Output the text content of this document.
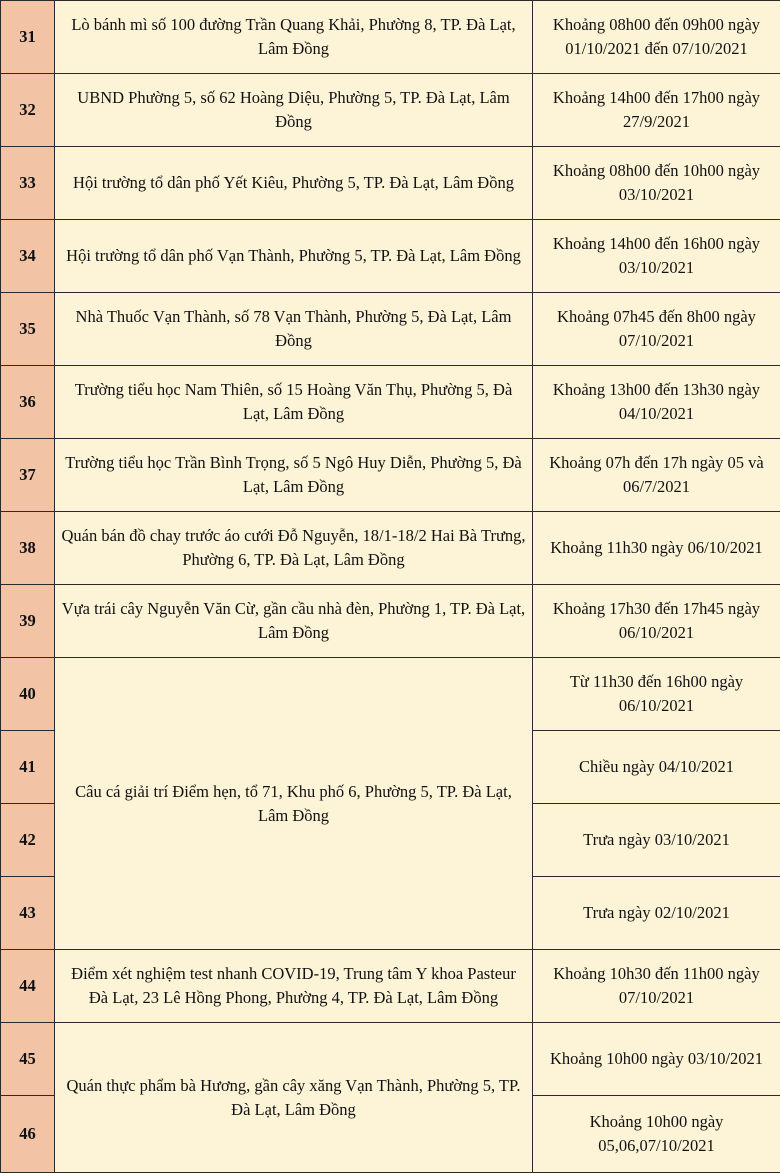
31	Lò bánh mì số 100 đường Trần Quang Khải, Phường 8, TP. Đà Lạt, Lâm Đồng	Khoảng 08h00 đến 09h00 ngày 01/10/2021 đến 07/10/2021
32	UBND Phường 5, số 62 Hoàng Diệu, Phường 5, TP. Đà Lạt, Lâm Đồng	Khoảng 14h00 đến 17h00 ngày 27/9/2021
33	Hội trường tổ dân phố Yết Kiêu, Phường 5, TP. Đà Lạt, Lâm Đồng	Khoảng 08h00 đến 10h00 ngày 03/10/2021
34	Hội trường tổ dân phố Vạn Thành, Phường 5, TP. Đà Lạt, Lâm Đồng	Khoảng 14h00 đến 16h00 ngày 03/10/2021
35	Nhà Thuốc Vạn Thành, số 78 Vạn Thành, Phường 5, Đà Lạt, Lâm Đồng	Khoảng 07h45 đến 8h00 ngày 07/10/2021
36	Trường tiểu học Nam Thiên, số 15 Hoàng Văn Thụ, Phường 5, Đà Lạt, Lâm Đồng	Khoảng 13h00 đến 13h30 ngày 04/10/2021
37	Trường tiểu học Trần Bình Trọng, số 5 Ngô Huy Diễn, Phường 5, Đà Lạt, Lâm Đồng	Khoảng 07h đến 17h ngày 05 và 06/7/2021
38	Quán bán đồ chay trước áo cưới Đỗ Nguyễn, 18/1-18/2 Hai Bà Trưng, Phường 6, TP. Đà Lạt, Lâm Đồng	Khoảng 11h30 ngày 06/10/2021
39	Vựa trái cây Nguyễn Văn Cừ, gần cầu nhà đèn, Phường 1, TP. Đà Lạt, Lâm Đồng	Khoảng 17h30 đến 17h45 ngày 06/10/2021
40	Câu cá giải trí Điểm hẹn, tổ 71, Khu phố 6, Phường 5, TP. Đà Lạt, Lâm Đồng	Từ 11h30 đến 16h00 ngày 06/10/2021
41		Chiều ngày 04/10/2021
42		Trưa ngày 03/10/2021
43		Trưa ngày 02/10/2021
44	Điểm xét nghiệm test nhanh COVID-19, Trung tâm Y khoa Pasteur Đà Lạt, 23 Lê Hồng Phong, Phường 4, TP. Đà Lạt, Lâm Đồng	Khoảng 10h30 đến 11h00 ngày 07/10/2021
45	Quán thực phẩm bà Hương, gần cây xăng Vạn Thành, Phường 5, TP. Đà Lạt, Lâm Đồng	Khoảng 10h00 ngày 03/10/2021
46		Khoảng 10h00 ngày 05,06,07/10/2021
